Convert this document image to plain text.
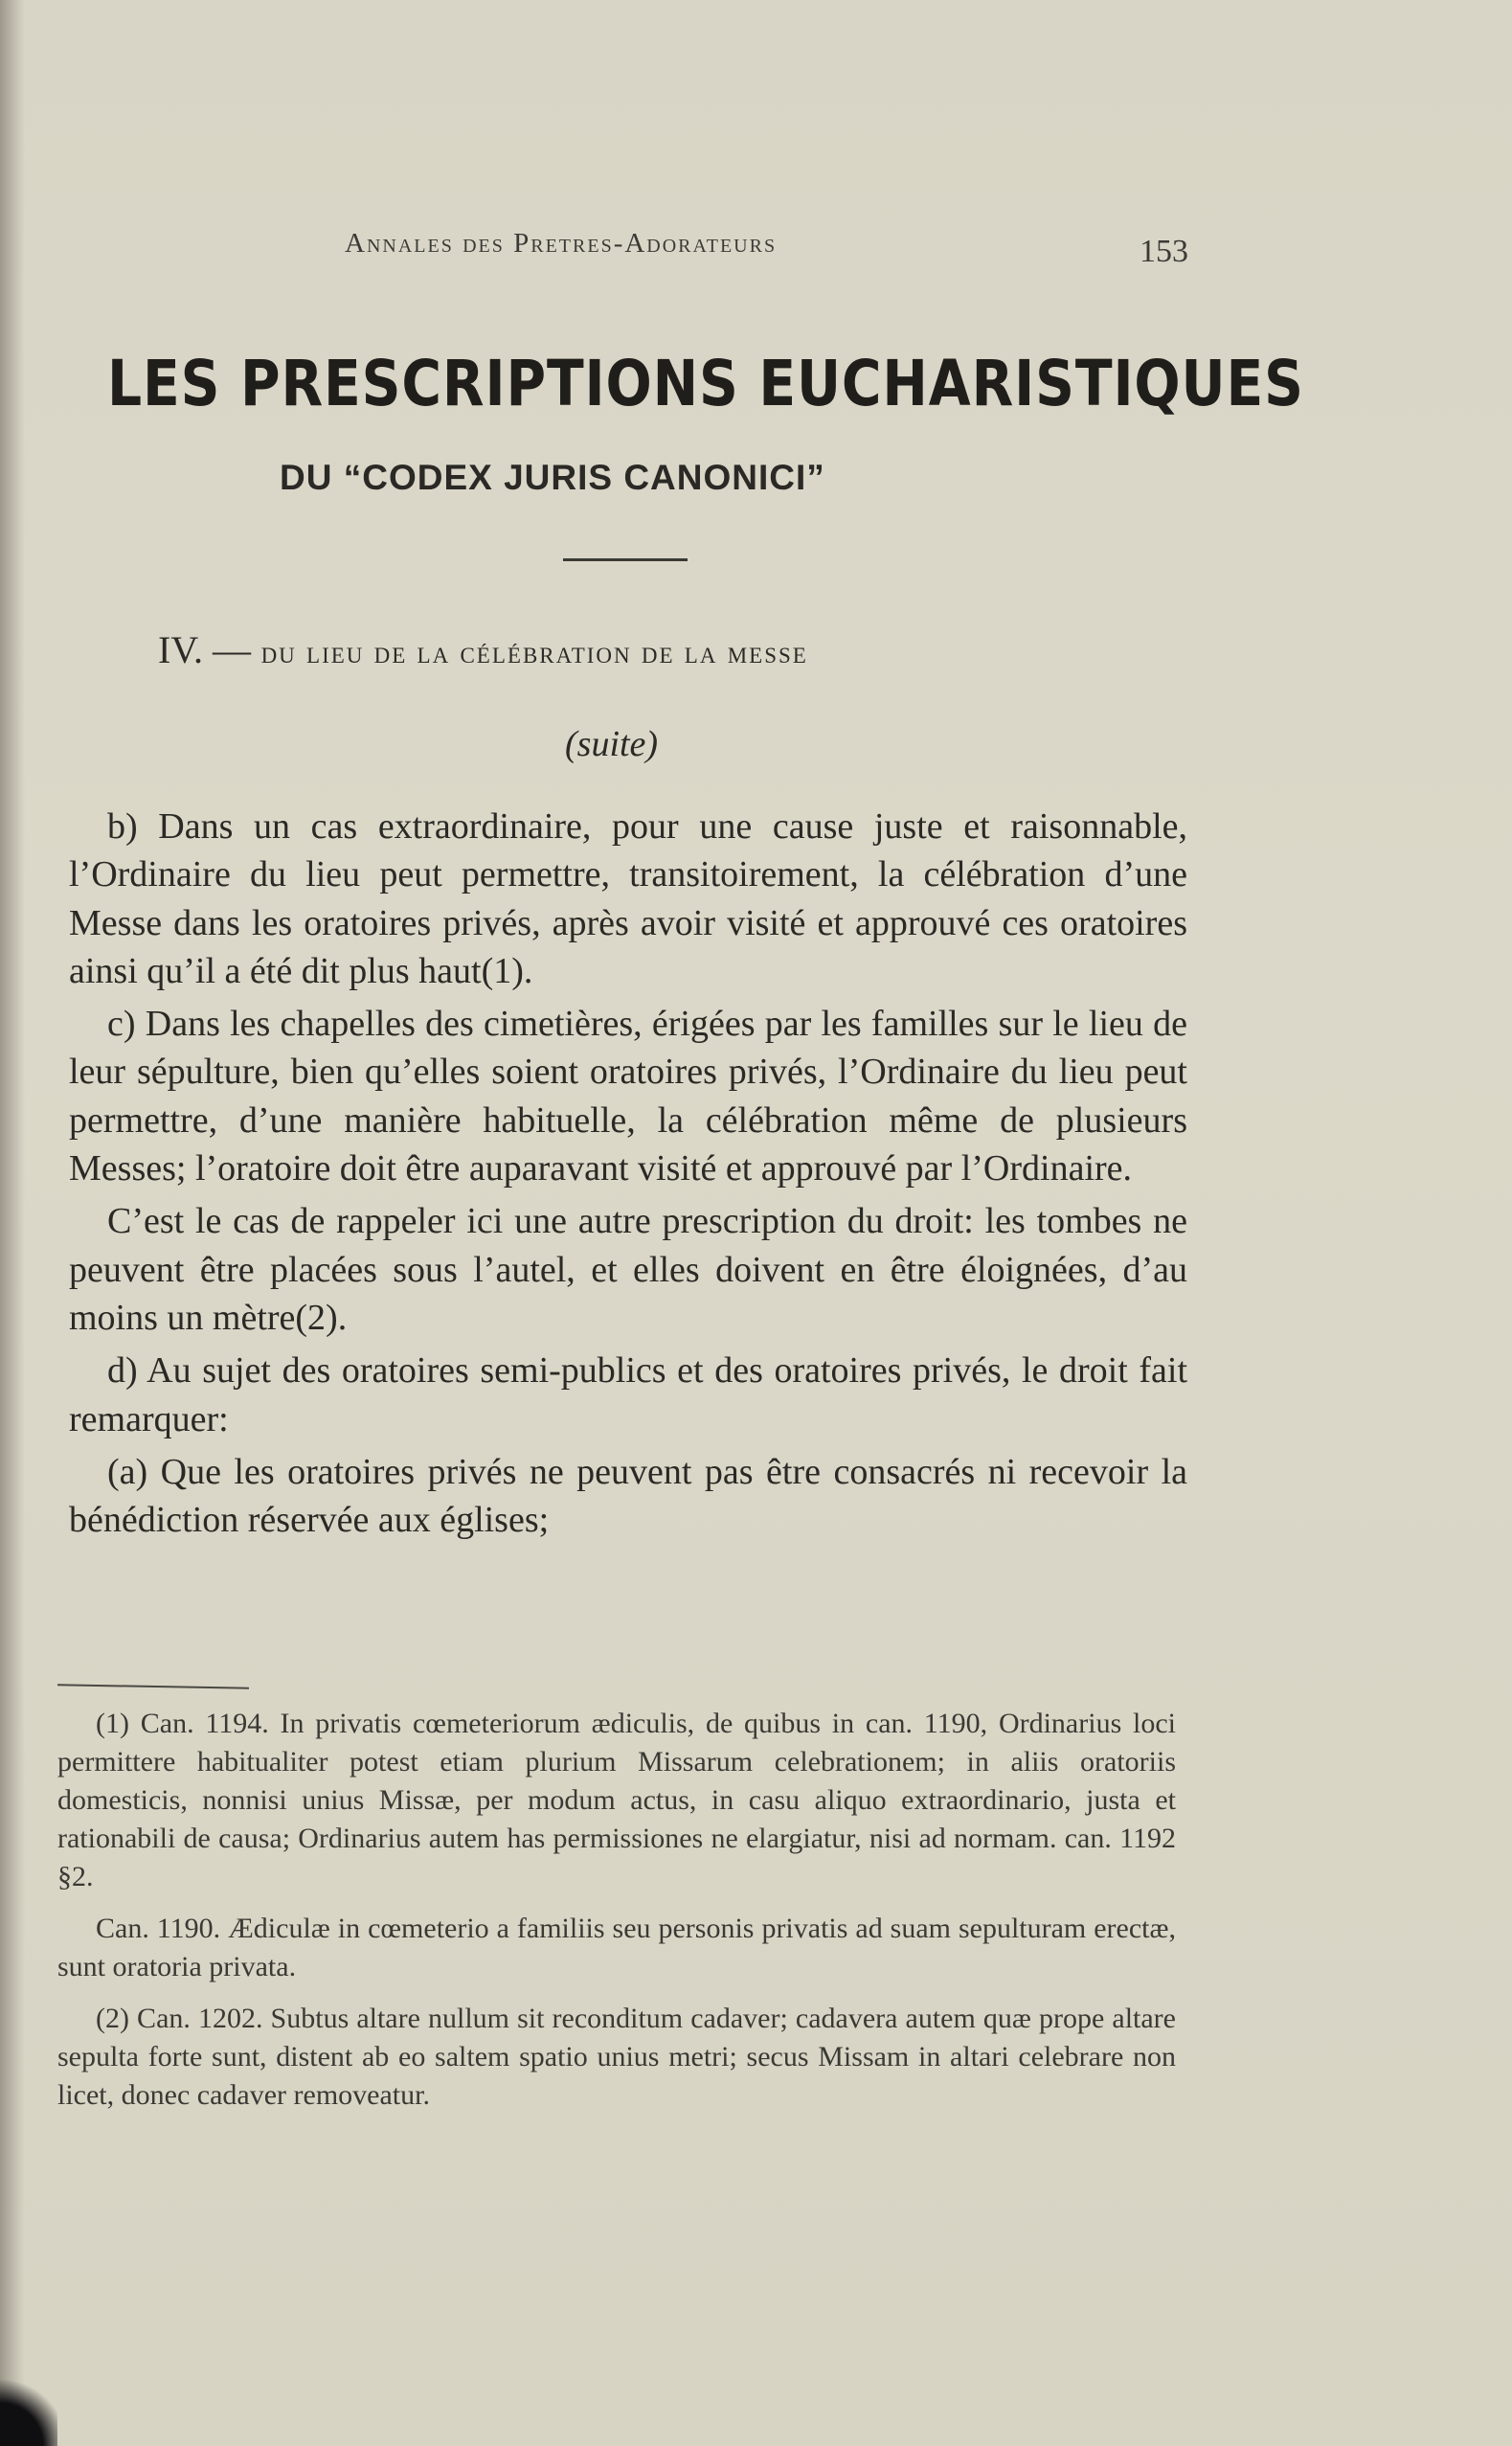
Annales des Pretres-Adorateurs	153
LES PRESCRIPTIONS EUCHARISTIQUES
DU “CODEX JURIS CANONICI”
IV. — du lieu de la célébration de la messe
(suite)

b) Dans un cas extraordinaire, pour une cause juste et raisonnable, l’Ordinaire du lieu peut permettre, transitoirement, la célébration d’une Messe dans les oratoires privés, après avoir visité et approuvé ces oratoires ainsi qu’il a été dit plus haut(1).

c) Dans les chapelles des cimetières, érigées par les familles sur le lieu de leur sépulture, bien qu’elles soient oratoires privés, l’Ordinaire du lieu peut permettre, d’une manière habituelle, la célébration même de plusieurs Messes; l’oratoire doit être auparavant visité et approuvé par l’Ordinaire.

C’est le cas de rappeler ici une autre prescription du droit: les tombes ne peuvent être placées sous l’autel, et elles doivent en être éloignées, d’au moins un mètre(2).

d) Au sujet des oratoires semi-publics et des oratoires privés, le droit fait remarquer:

(a) Que les oratoires privés ne peuvent pas être consacrés ni recevoir la bénédiction réservée aux églises;

(1) Can. 1194. In privatis cœmeteriorum ædiculis, de quibus in can. 1190, Ordinarius loci permittere habitualiter potest etiam plurium Missarum celebrationem; in aliis oratoriis domesticis, nonnisi unius Missæ, per modum actus, in casu aliquo extraordinario, justa et rationabili de causa; Ordinarius autem has permissiones ne elargiatur, nisi ad normam. can. 1192 §2.

Can. 1190. Ædiculæ in cœmeterio a familiis seu personis privatis ad suam sepulturam erectæ, sunt oratoria privata.

(2) Can. 1202. Subtus altare nullum sit reconditum cadaver; cadavera autem quæ prope altare sepulta forte sunt, distent ab eo saltem spatio unius metri; secus Missam in altari celebrare non licet, donec cadaver removeatur.
